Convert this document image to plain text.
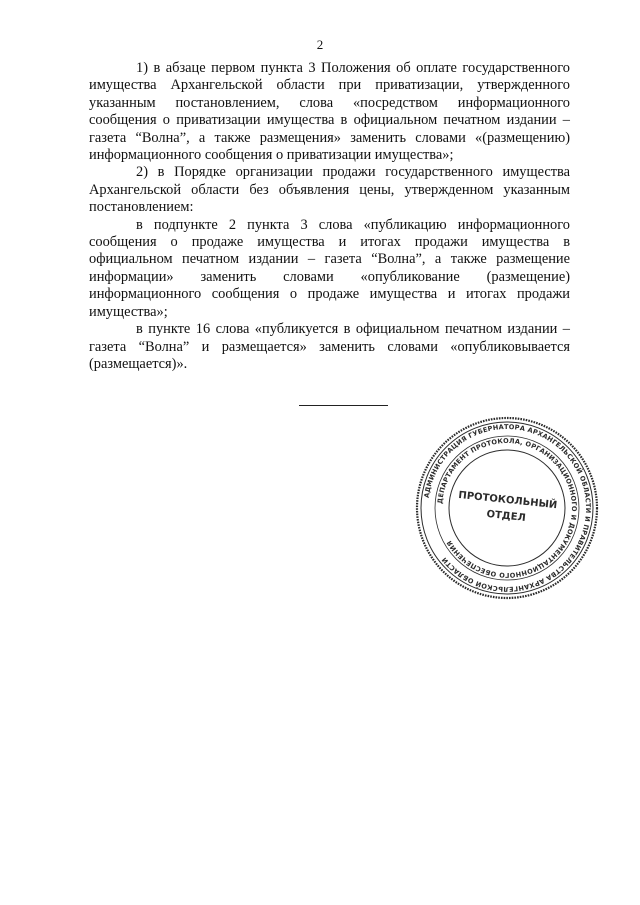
2

1) в абзаце первом пункта 3 Положения об оплате государственного имущества Архангельской области при приватизации, утвержденного указанным постановлением, слова «посредством информационного сообщения о приватизации имущества в официальном печатном издании – газета “Волна”, а также размещения» заменить словами «(размещению) информационного сообщения о приватизации имущества»;

2) в Порядке организации продажи государственного имущества Архангельской области без объявления цены, утвержденном указанным постановлением:

в подпункте 2 пункта 3 слова «публикацию информационного сообщения о продаже имущества и итогах продажи имущества в официальном печатном издании – газета “Волна”, а также размещение информации» заменить словами «опубликование (размещение) информационного сообщения о продаже имущества и итогах продажи имущества»;

в пункте 16 слова «публикуется в официальном печатном издании – газета “Волна” и размещается» заменить словами «опубликовывается (размещается)».

АДМИНИСТРАЦИЯ ГУБЕРНАТОРА АРХАНГЕЛЬСКОЙ ОБЛАСТИ И ПРАВИТЕЛЬСТВА АРХАНГЕЛЬСКОЙ ОБЛАСТИ
ДЕПАРТАМЕНТ ПРОТОКОЛА, ОРГАНИЗАЦИОННОГО И ДОКУМЕНТАЦИОННОГО ОБЕСПЕЧЕНИЯ
ПРОТОКОЛЬНЫЙ
ОТДЕЛ
